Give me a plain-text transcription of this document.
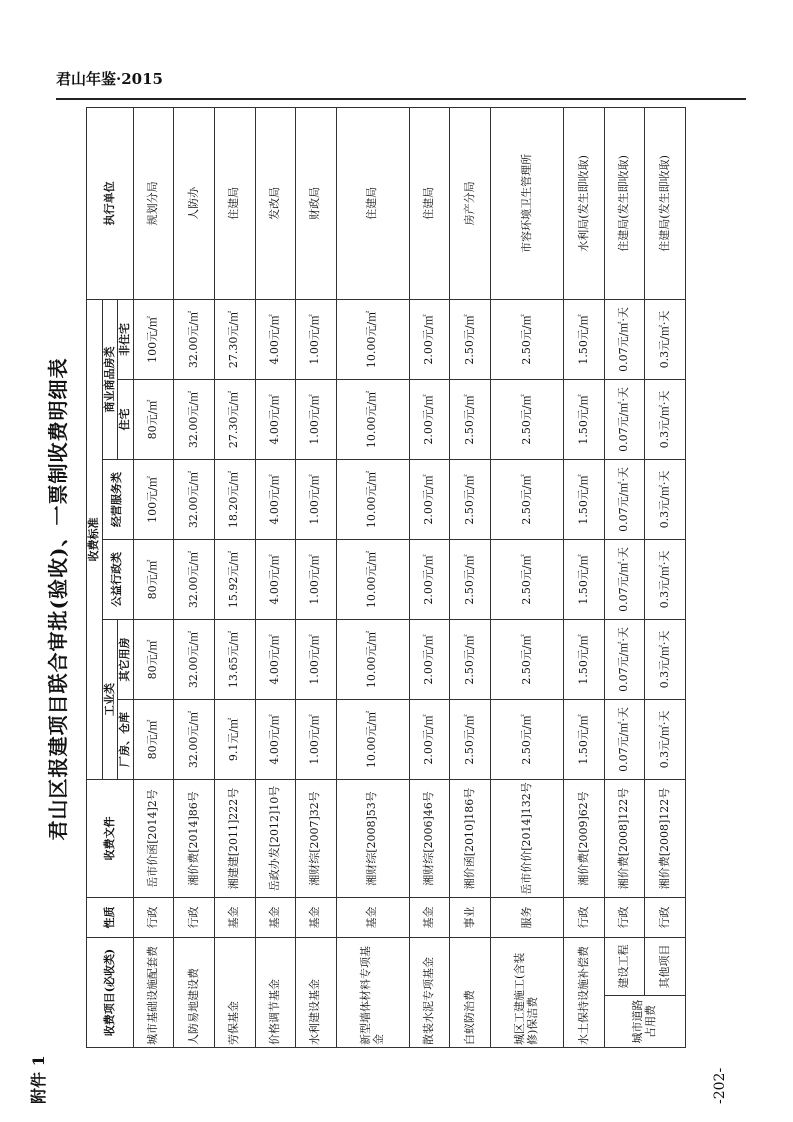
君山年鉴·2015
附件 1
君山区报建项目联合审批(验收)、一票制收费明细表
-202-
收费项目(必收类)		性质	收费文件	收费标准						执行单位
				工业类		公益行政类	经营服务类	商业商品房类		
				厂房、仓库	其它用房			住宅	非住宅	
城市基础设施配套费		行政	岳市价函[2014]2号	80元/㎡	80元/㎡	80元/㎡	100元/㎡	80元/㎡	100元/㎡	规划分局
人防易地建设费		行政	湘价费[2014]86号	32.00元/㎡	32.00元/㎡	32.00元/㎡	32.00元/㎡	32.00元/㎡	32.00元/㎡	人防办
劳保基金		基金	湘建建[2011]222号	9.1元/㎡	13.65元/㎡	15.92元/㎡	18.20元/㎡	27.30元/㎡	27.30元/㎡	住建局
价格调节基金		基金	岳政办发[2012]10号	4.00元/㎡	4.00元/㎡	4.00元/㎡	4.00元/㎡	4.00元/㎡	4.00元/㎡	发改局
水利建设基金		基金	湘财综[2007]32号	1.00元/㎡	1.00元/㎡	1.00元/㎡	1.00元/㎡	1.00元/㎡	1.00元/㎡	财政局
新型墙体材料专项基金		基金	湘财综[2008]53号	10.00元/㎡	10.00元/㎡	10.00元/㎡	10.00元/㎡	10.00元/㎡	10.00元/㎡	住建局
散装水泥专项基金		基金	湘财综[2006]46号	2.00元/㎡	2.00元/㎡	2.00元/㎡	2.00元/㎡	2.00元/㎡	2.00元/㎡	住建局
白蚁防治费		事业	湘价函[2010]186号	2.50元/㎡	2.50元/㎡	2.50元/㎡	2.50元/㎡	2.50元/㎡	2.50元/㎡	房产分局
城区工建施工(含装修)保洁费		服务	岳市价价[2014]132号	2.50元/㎡	2.50元/㎡	2.50元/㎡	2.50元/㎡	2.50元/㎡	2.50元/㎡	市容环境卫生管理所
水土保持设施补偿费		行政	湘价费[2009]62号	1.50元/㎡	1.50元/㎡	1.50元/㎡	1.50元/㎡	1.50元/㎡	1.50元/㎡	水利局(发生即收取)
城市道路占用费	建设工程	行政	湘价费[2008]122号	0.07元/㎡·天	0.07元/㎡·天	0.07元/㎡·天	0.07元/㎡·天	0.07元/㎡·天	0.07元/㎡·天	住建局(发生即收取)
	其他项目	行政	湘价费[2008]122号	0.3元/㎡·天	0.3元/㎡·天	0.3元/㎡·天	0.3元/㎡·天	0.3元/㎡·天	0.3元/㎡·天	住建局(发生即收取)
